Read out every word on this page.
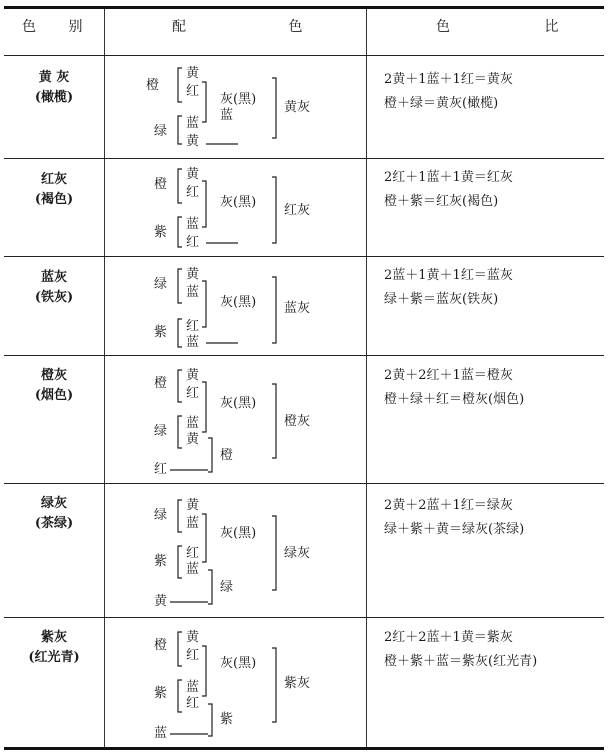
色 别	配 色	色 比
黄 灰
(橄榄)
橙
绿
黄
红
蓝
黄
灰(黑)
蓝
黄灰
2黄＋1蓝＋1红＝黄灰
橙＋绿＝黄灰(橄榄)
红灰
(褐色)
橙
紫
黄
红
蓝
红
灰(黑)
红灰
2红＋1蓝＋1黄＝红灰
橙＋紫＝红灰(褐色)
蓝灰
(铁灰)
绿
紫
黄
蓝
红
蓝
灰(黑) 蓝灰
2蓝＋1黄＋1红＝蓝灰
绿＋紫＝蓝灰(铁灰)
橙灰
(烟色)
橙
绿
红
黄
红
蓝
黄
灰(黑)
橙
橙灰
2黄＋2红＋1蓝＝橙灰
橙＋绿＋红＝橙灰(烟色)
绿灰
(茶绿)
绿
紫
黄
黄
蓝
红
蓝
灰(黑)
绿
绿灰
2黄＋2蓝＋1红＝绿灰
绿＋紫＋黄＝绿灰(茶绿)
紫灰
(红光青)
橙
紫
蓝
黄
红
蓝
红
灰(黑)
紫
紫灰
2红＋2蓝＋1黄＝紫灰
橙＋紫＋蓝＝紫灰(红光青)
